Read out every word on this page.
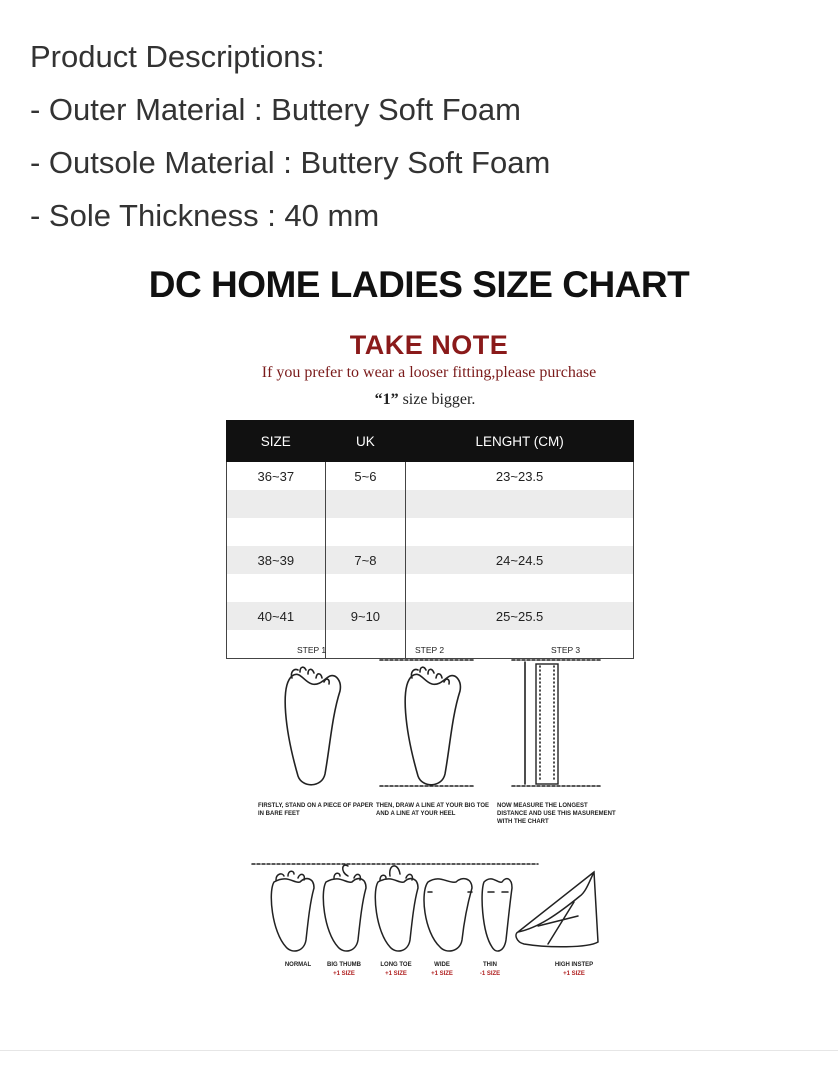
Product Descriptions:
- Outer Material : Buttery Soft Foam
- Outsole Material : Buttery Soft Foam
- Sole Thickness : 40 mm
DC HOME LADIES SIZE CHART
TAKE NOTE
If you prefer to wear a looser fitting,please purchase
“1” size bigger.
SIZE	UK	LENGHT (CM)
36~37	5~6	23~23.5

38~39	7~8	24~24.5

40~41	9~10	25~25.5

STEP 1	STEP 2	STEP 3
FIRSTLY, STAND ON A PIECE OF PAPER IN BARE FEET
THEN, DRAW A LINE AT YOUR BIG TOE AND A LINE AT YOUR HEEL
NOW MEASURE THE LONGEST DISTANCE AND USE THIS MASUREMENT WITH THE CHART
NORMAL	BIG THUMB
+1 SIZE
LONG TOE
+1 SIZE
WIDE
+1 SIZE
THIN
-1 SIZE
HIGH INSTEP
+1 SIZE
